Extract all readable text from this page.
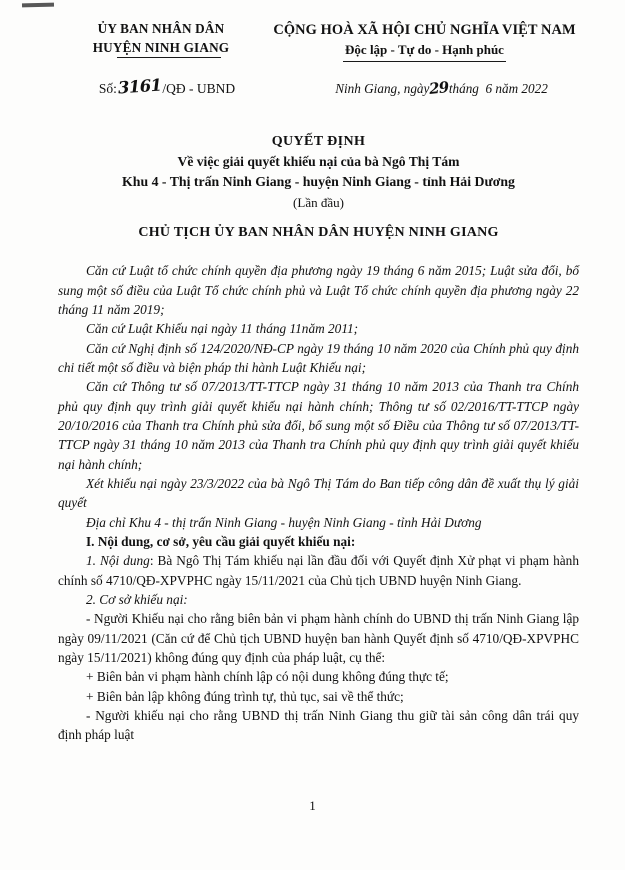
ỦY BAN NHÂN DÂN
HUYỆN NINH GIANG
CỘNG HOÀ XÃ HỘI CHỦ NGHĨA VIỆT NAM
Độc lập - Tự do - Hạnh phúc
Số:3161/QĐ - UBND	Ninh Giang, ngày29tháng 6 năm 2022
QUYẾT ĐỊNH
Về việc giải quyết khiếu nại của bà Ngô Thị Tám
Khu 4 - Thị trấn Ninh Giang - huyện Ninh Giang - tỉnh Hải Dương
(Lần đầu)
CHỦ TỊCH ỦY BAN NHÂN DÂN HUYỆN NINH GIANG

Căn cứ Luật tổ chức chính quyền địa phương ngày 19 tháng 6 năm 2015; Luật sửa đổi, bổ sung một số điều của Luật Tổ chức chính phủ và Luật Tổ chức chính quyền địa phương ngày 22 tháng 11 năm 2019;

Căn cứ Luật Khiếu nại ngày 11 tháng 11năm 2011;

Căn cứ Nghị định số 124/2020/NĐ-CP ngày 19 tháng 10 năm 2020 của Chính phủ quy định chi tiết một số điều và biện pháp thi hành Luật Khiếu nại;

Căn cứ Thông tư số 07/2013/TT-TTCP ngày 31 tháng 10 năm 2013 của Thanh tra Chính phủ quy định quy trình giải quyết khiếu nại hành chính; Thông tư số 02/2016/TT-TTCP ngày 20/10/2016 của Thanh tra Chính phủ sửa đổi, bổ sung một số Điều của Thông tư số 07/2013/TT-TTCP ngày 31 tháng 10 năm 2013 của Thanh tra Chính phủ quy định quy trình giải quyết khiếu nại hành chính;

Xét khiếu nại ngày 23/3/2022 của bà Ngô Thị Tám do Ban tiếp công dân đề xuất thụ lý giải quyết

Địa chỉ Khu 4 - thị trấn Ninh Giang - huyện Ninh Giang - tỉnh Hải Dương

I. Nội dung, cơ sở, yêu cầu giải quyết khiếu nại:

1. Nội dung: Bà Ngô Thị Tám khiếu nại lần đầu đối với Quyết định Xử phạt vi phạm hành chính số 4710/QĐ-XPVPHC ngày 15/11/2021 của Chủ tịch UBND huyện Ninh Giang.

2. Cơ sở khiếu nại:

- Người Khiếu nại cho rằng biên bản vi phạm hành chính do UBND thị trấn Ninh Giang lập ngày 09/11/2021 (Căn cứ để Chủ tịch UBND huyện ban hành Quyết định số 4710/QĐ-XPVPHC ngày 15/11/2021) không đúng quy định của pháp luật, cụ thể:

+ Biên bản vi phạm hành chính lập có nội dung không đúng thực tế;

+ Biên bản lập không đúng trình tự, thủ tục, sai về thể thức;

- Người khiếu nại cho rằng UBND thị trấn Ninh Giang thu giữ tài sản công dân trái quy định pháp luật

1
